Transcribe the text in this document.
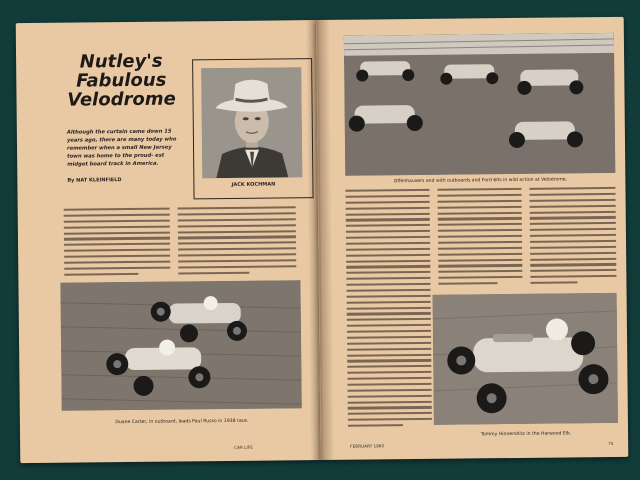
Nutley's
Fabulous
Velodrome
Although the curtain came down 15 years ago, there are many today who remember when a small New Jersey town was home to the proud- est midget board track in America.
By NAT KLEINFIELD
JACK KOCHMAN
Duane Carter, in outboard, leads Paul Russo in 1938 race.
CAR LIFE
Offenhausers and with outboards and Ford 60s in wild action at Velodrome.
Tommy Hinnershitz in the Harwood Elk.
FEBRUARY 1960	75
